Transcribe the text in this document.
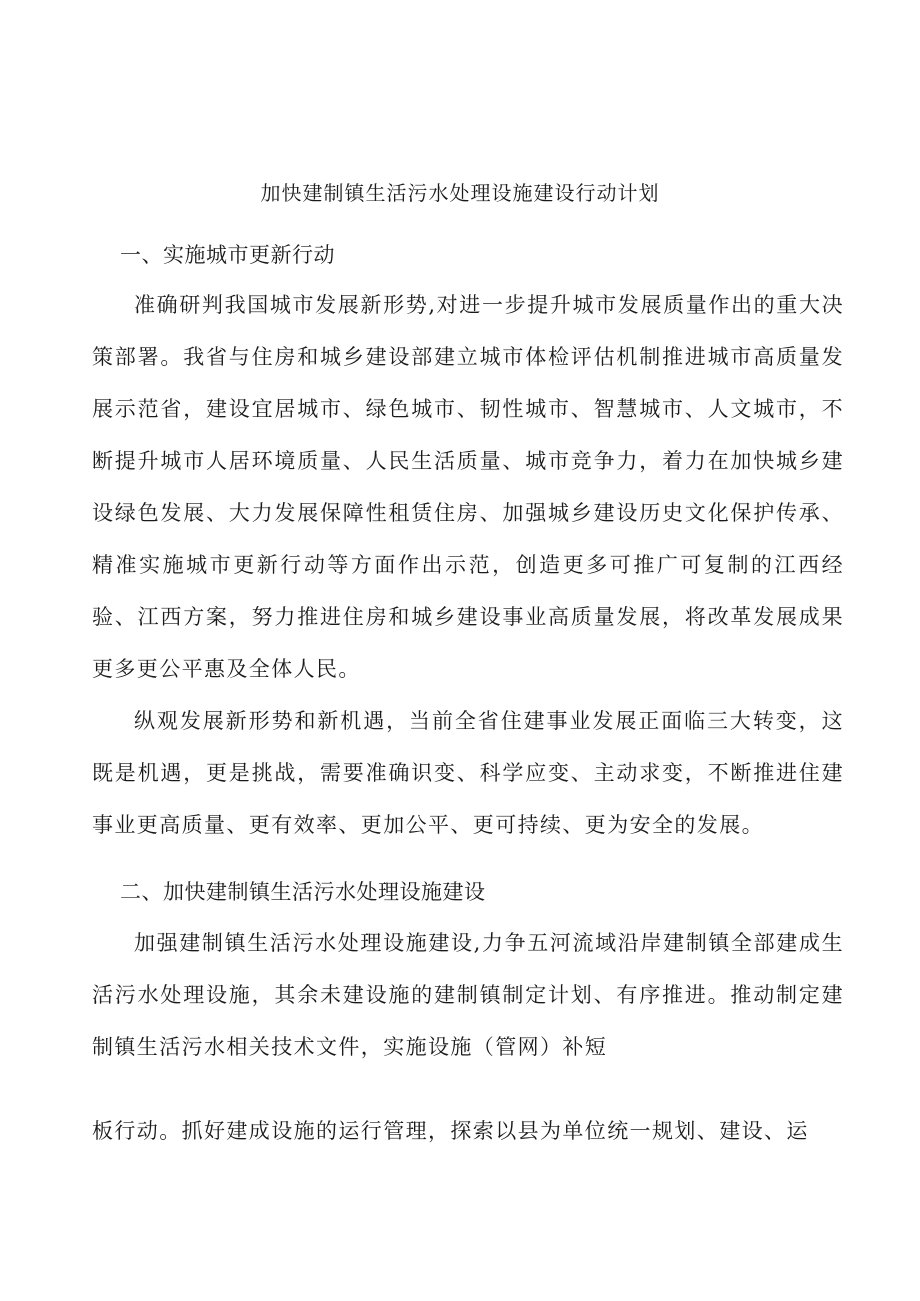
加快建制镇生活污水处理设施建设行动计划
一、实施城市更新行动

准确研判我国城市发展新形势,对进一步提升城市发展质量作出的重大决策部署。我省与住房和城乡建设部建立城市体检评估机制推进城市高质量发展示范省，建设宜居城市、绿色城市、韧性城市、智慧城市、人文城市，不断提升城市人居环境质量、人民生活质量、城市竞争力，着力在加快城乡建设绿色发展、大力发展保障性租赁住房、加强城乡建设历史文化保护传承、精准实施城市更新行动等方面作出示范，创造更多可推广可复制的江西经验、江西方案，努力推进住房和城乡建设事业高质量发展，将改革发展成果更多更公平惠及全体人民。

纵观发展新形势和新机遇，当前全省住建事业发展正面临三大转变，这既是机遇，更是挑战，需要准确识变、科学应变、主动求变，不断推进住建事业更高质量、更有效率、更加公平、更可持续、更为安全的发展。

二、加快建制镇生活污水处理设施建设

加强建制镇生活污水处理设施建设,力争五河流域沿岸建制镇全部建成生活污水处理设施，其余未建设施的建制镇制定计划、有序推进。推动制定建制镇生活污水相关技术文件，实施设施（管网）补短

板行动。抓好建成设施的运行管理，探索以县为单位统一规划、建设、运
